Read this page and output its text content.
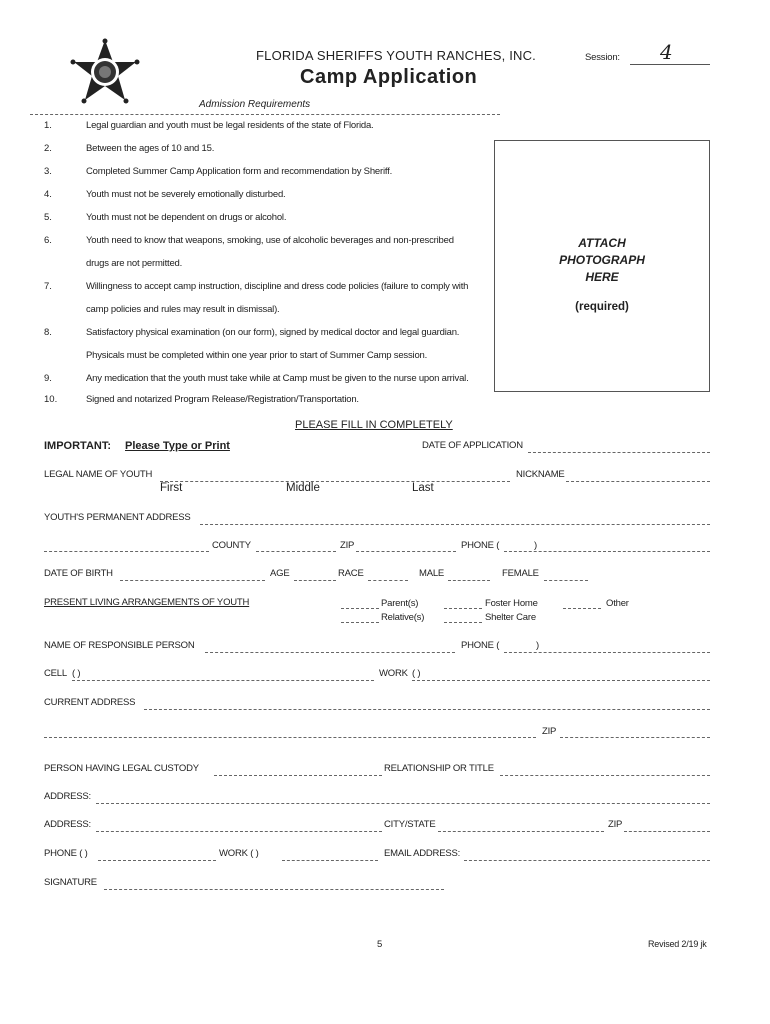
FLORIDA SHERIFFS YOUTH RANCHES, INC.
Camp Application
Session: 4
Admission Requirements
1.	Legal guardian and youth must be legal residents of the state of Florida.
2.	Between the ages of 10 and 15.
3.	Completed Summer Camp Application form and recommendation by Sheriff.
4.	Youth must not be severely emotionally disturbed.
5.	Youth must not be dependent on drugs or alcohol.
6.	Youth need to know that weapons, smoking, use of alcoholic beverages and non-prescribed
drugs are not permitted.
7.	Willingness to accept camp instruction, discipline and dress code policies (failure to comply with
camp policies and rules may result in dismissal).
8.	Satisfactory physical examination (on our form), signed by medical doctor and legal guardian.
Physicals must be completed within one year prior to start of Summer Camp session.
9.	Any medication that the youth must take while at Camp must be given to the nurse upon arrival.
10.	Signed and notarized Program Release/Registration/Transportation.
ATTACH
PHOTOGRAPH
HERE
(required)
PLEASE FILL IN COMPLETELY
IMPORTANT: Please Type or Print	DATE OF APPLICATION
LEGAL NAME OF YOUTH	NICKNAME
First	Middle	Last
YOUTH'S PERMANENT ADDRESS
COUNTY	ZIP	PHONE (	)
DATE OF BIRTH	AGE	RACE	MALE	FEMALE
PRESENT LIVING ARRANGEMENTS OF YOUTH	Parent(s)	Foster Home	Other
Relative(s)	Shelter Care
NAME OF RESPONSIBLE PERSON	PHONE (	)
CELL ( )	WORK ( )
CURRENT ADDRESS
ZIP
PERSON HAVING LEGAL CUSTODY	RELATIONSHIP OR TITLE
ADDRESS:
ADDRESS:	CITY/STATE	ZIP
PHONE ( )	WORK ( )	EMAIL ADDRESS:
SIGNATURE
5	Revised 2/19 jk
